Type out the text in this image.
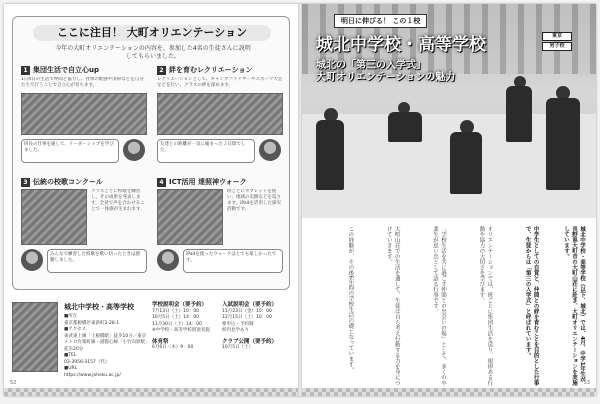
ここに注目！ 大町オリエンテーション
今年の大町オリエンテーションの内容を、参加した4名の生徒さんに説明してもらいました。
1 集団生活で自立心up
1日4日の生活で仲間と協力し、食事の配膳や清掃などを自分たちで行うことで自立心が育ちます。
班長の仕事を通して、リーダーシップを学びました。
2 絆を育むレクリエーション
レクリエーションとして、キャンプファイヤーやスポーツ大会などを行い、クラスの絆を深めます。
友達との距離が一気に縮まった３日間でした。
3 伝統の校歌コンクール
クラスごとに校歌を練習し、その成果を発表します。全員で声を合わせることで一体感が生まれます。
みんなで練習した校歌を歌い切ったときは感動しました。
4 ICT活用 達照神ウォーク
班ごとにタブレットを使い、地域の史跡などを巡ります。iPadを活用した探究活動です。
iPadを使ったウォークはとても楽しかったです。
城北中学校・高等学校
■所在
東京都板橋区東新町2-28-1
■アクセス
東武東上線「上板橋駅」徒歩10分／東京メトロ有楽町線・副都心線「小竹向原駅」徒歩20分
■TEL
03-3956-3157（代）
■URL
https://www.johoku.ac.jp/
学校説明会（要予約）
7月13日（土）10：00
10月5日（土）14：00
11月30日（土）14：00
※中学校・高等学校別途実施
体育祭
6月6日（木）9：00
入試説明会（要予約）
11月23日（金）10：00
12月15日（土）10：00
要申込・予約制
校内見学あり
クラブ公開（要予約）
10月5日（土）
52
明日に伸びる！ この１校
城北中学校・高等学校	東京
男子校
城北の「第三の入学式」
大町オリエンテーションの魅力
城北中学校・高等学校（以下、城北）では、4月、中学1年生が長野県大町市の大町山荘に赴き、大町オリエンテーションを実施しています。
中学生としての自覚と、仲間との絆を育むことを目的とした行事で、生徒からは「第三の入学式」と呼ばれています。
オリエンテーションでは、班ごとに集団生活を送り、規律ある行動や協力の大切さを学びます。
「学校生活を共に過ごす仲間との出会いの場」として、多くの卒業生が思い出として語る行事です。
大町山荘での生活を通して、生徒は自ら考え行動する力を身につけていきます。
この経験が、その後6年間の学校生活の礎となっています。
53
